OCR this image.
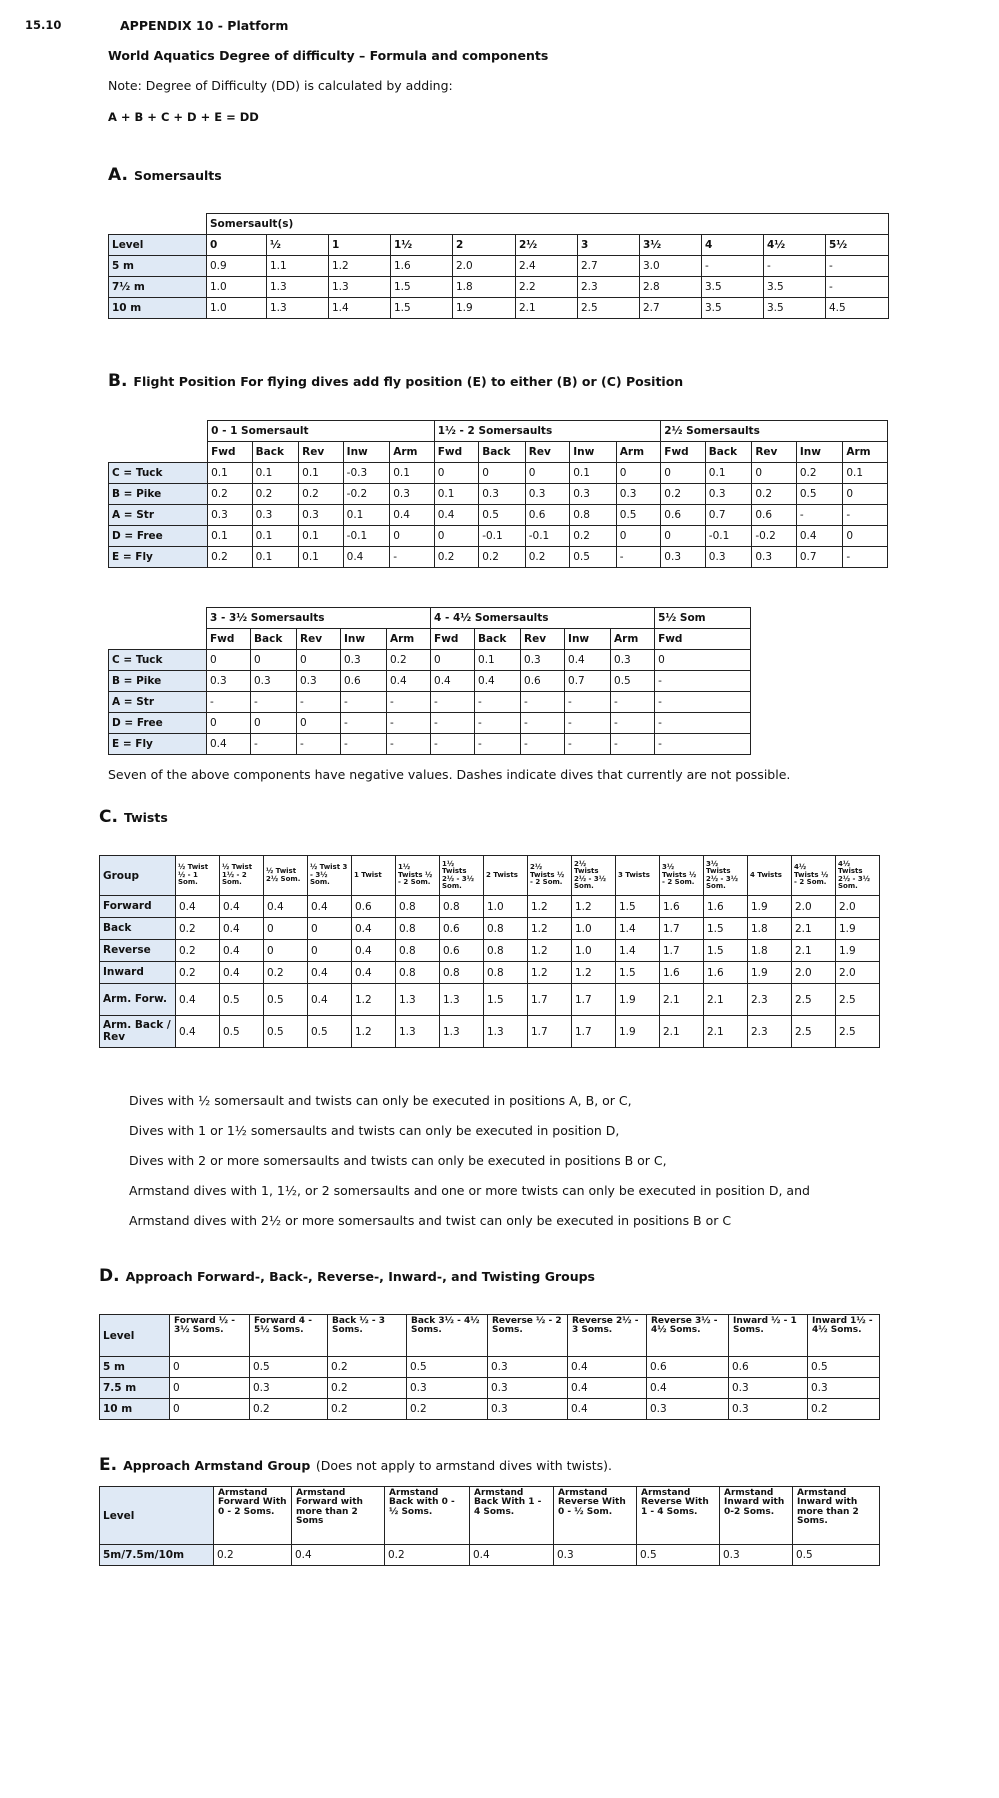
15.10	APPENDIX 10 - Platform
World Aquatics Degree of difficulty – Formula and components
Note: Degree of Difficulty (DD) is calculated by adding:
A + B + C + D + E = DD
A. Somersaults
	Somersault(s)										
Level	0	½	1	1½	2	2½	3	3½	4	4½	5½
5 m	0.9	1.1	1.2	1.6	2.0	2.4	2.7	3.0	-	-	-
7½ m	1.0	1.3	1.3	1.5	1.8	2.2	2.3	2.8	3.5	3.5	-
10 m	1.0	1.3	1.4	1.5	1.9	2.1	2.5	2.7	3.5	3.5	4.5
B. Flight Position For flying dives add fly position (E) to either (B) or (C) Position
	0 - 1 Somersault					1½ - 2 Somersaults					2½ Somersaults				
	Fwd	Back	Rev	Inw	Arm	Fwd	Back	Rev	Inw	Arm	Fwd	Back	Rev	Inw	Arm
C = Tuck	0.1	0.1	0.1	-0.3	0.1	0	0	0	0.1	0	0	0.1	0	0.2	0.1
B = Pike	0.2	0.2	0.2	-0.2	0.3	0.1	0.3	0.3	0.3	0.3	0.2	0.3	0.2	0.5	0
A = Str	0.3	0.3	0.3	0.1	0.4	0.4	0.5	0.6	0.8	0.5	0.6	0.7	0.6	-	-
D = Free	0.1	0.1	0.1	-0.1	0	0	-0.1	-0.1	0.2	0	0	-0.1	-0.2	0.4	0
E = Fly	0.2	0.1	0.1	0.4	-	0.2	0.2	0.2	0.5	-	0.3	0.3	0.3	0.7	-
	3 - 3½ Somersaults					4 - 4½ Somersaults					5½ Som
	Fwd	Back	Rev	Inw	Arm	Fwd	Back	Rev	Inw	Arm	Fwd
C = Tuck	0	0	0	0.3	0.2	0	0.1	0.3	0.4	0.3	0
B = Pike	0.3	0.3	0.3	0.6	0.4	0.4	0.4	0.6	0.7	0.5	-
A = Str	-	-	-	-	-	-	-	-	-	-	-
D = Free	0	0	0	-	-	-	-	-	-	-	-
E = Fly	0.4	-	-	-	-	-	-	-	-	-	-
Seven of the above components have negative values. Dashes indicate dives that currently are not possible.
C. Twists
Group	½ Twist ½ - 1 Som.	½ Twist 1½ - 2 Som.	½ Twist 2½ Som.	½ Twist 3 - 3½ Som.	1 Twist	1½ Twists ½ - 2 Som.	1½ Twists 2½ - 3½ Som.	2 Twists	2½ Twists ½ - 2 Som.	2½ Twists 2½ - 3½ Som.	3 Twists	3½ Twists ½ - 2 Som.	3½ Twists 2½ - 3½ Som.	4 Twists	4½ Twists ½ - 2 Som.	4½ Twists 2½ - 3½ Som.
Forward	0.4	0.4	0.4	0.4	0.6	0.8	0.8	1.0	1.2	1.2	1.5	1.6	1.6	1.9	2.0	2.0
Back	0.2	0.4	0	0	0.4	0.8	0.6	0.8	1.2	1.0	1.4	1.7	1.5	1.8	2.1	1.9
Reverse	0.2	0.4	0	0	0.4	0.8	0.6	0.8	1.2	1.0	1.4	1.7	1.5	1.8	2.1	1.9
Inward	0.2	0.4	0.2	0.4	0.4	0.8	0.8	0.8	1.2	1.2	1.5	1.6	1.6	1.9	2.0	2.0
Arm. Forw.	0.4	0.5	0.5	0.4	1.2	1.3	1.3	1.5	1.7	1.7	1.9	2.1	2.1	2.3	2.5	2.5
Arm. Back / Rev	0.4	0.5	0.5	0.5	1.2	1.3	1.3	1.3	1.7	1.7	1.9	2.1	2.1	2.3	2.5	2.5
Dives with ½ somersault and twists can only be executed in positions A, B, or C,
Dives with 1 or 1½ somersaults and twists can only be executed in position D,
Dives with 2 or more somersaults and twists can only be executed in positions B or C,
Armstand dives with 1, 1½, or 2 somersaults and one or more twists can only be executed in position D, and
Armstand dives with 2½ or more somersaults and twist can only be executed in positions B or C
D. Approach Forward-, Back-, Reverse-, Inward-, and Twisting Groups
Level	Forward ½ - 3½ Soms.	Forward 4 - 5½ Soms.	Back ½ - 3 Soms.	Back 3½ - 4½ Soms.	Reverse ½ - 2 Soms.	Reverse 2½ - 3 Soms.	Reverse 3½ - 4½ Soms.	Inward ½ - 1 Soms.	Inward 1½ - 4½ Soms.
5 m	0	0.5	0.2	0.5	0.3	0.4	0.6	0.6	0.5
7.5 m	0	0.3	0.2	0.3	0.3	0.4	0.4	0.3	0.3
10 m	0	0.2	0.2	0.2	0.3	0.4	0.3	0.3	0.2
E. Approach Armstand Group (Does not apply to armstand dives with twists).
Level	Armstand Forward With 0 - 2 Soms.	Armstand Forward with more than 2 Soms	Armstand Back with 0 - ½ Soms.	Armstand Back With 1 - 4 Soms.	Armstand Reverse With 0 - ½ Som.	Armstand Reverse With 1 - 4 Soms.	Armstand Inward with 0-2 Soms.	Armstand Inward with more than 2 Soms.
5m/7.5m/10m	0.2	0.4	0.2	0.4	0.3	0.5	0.3	0.5
